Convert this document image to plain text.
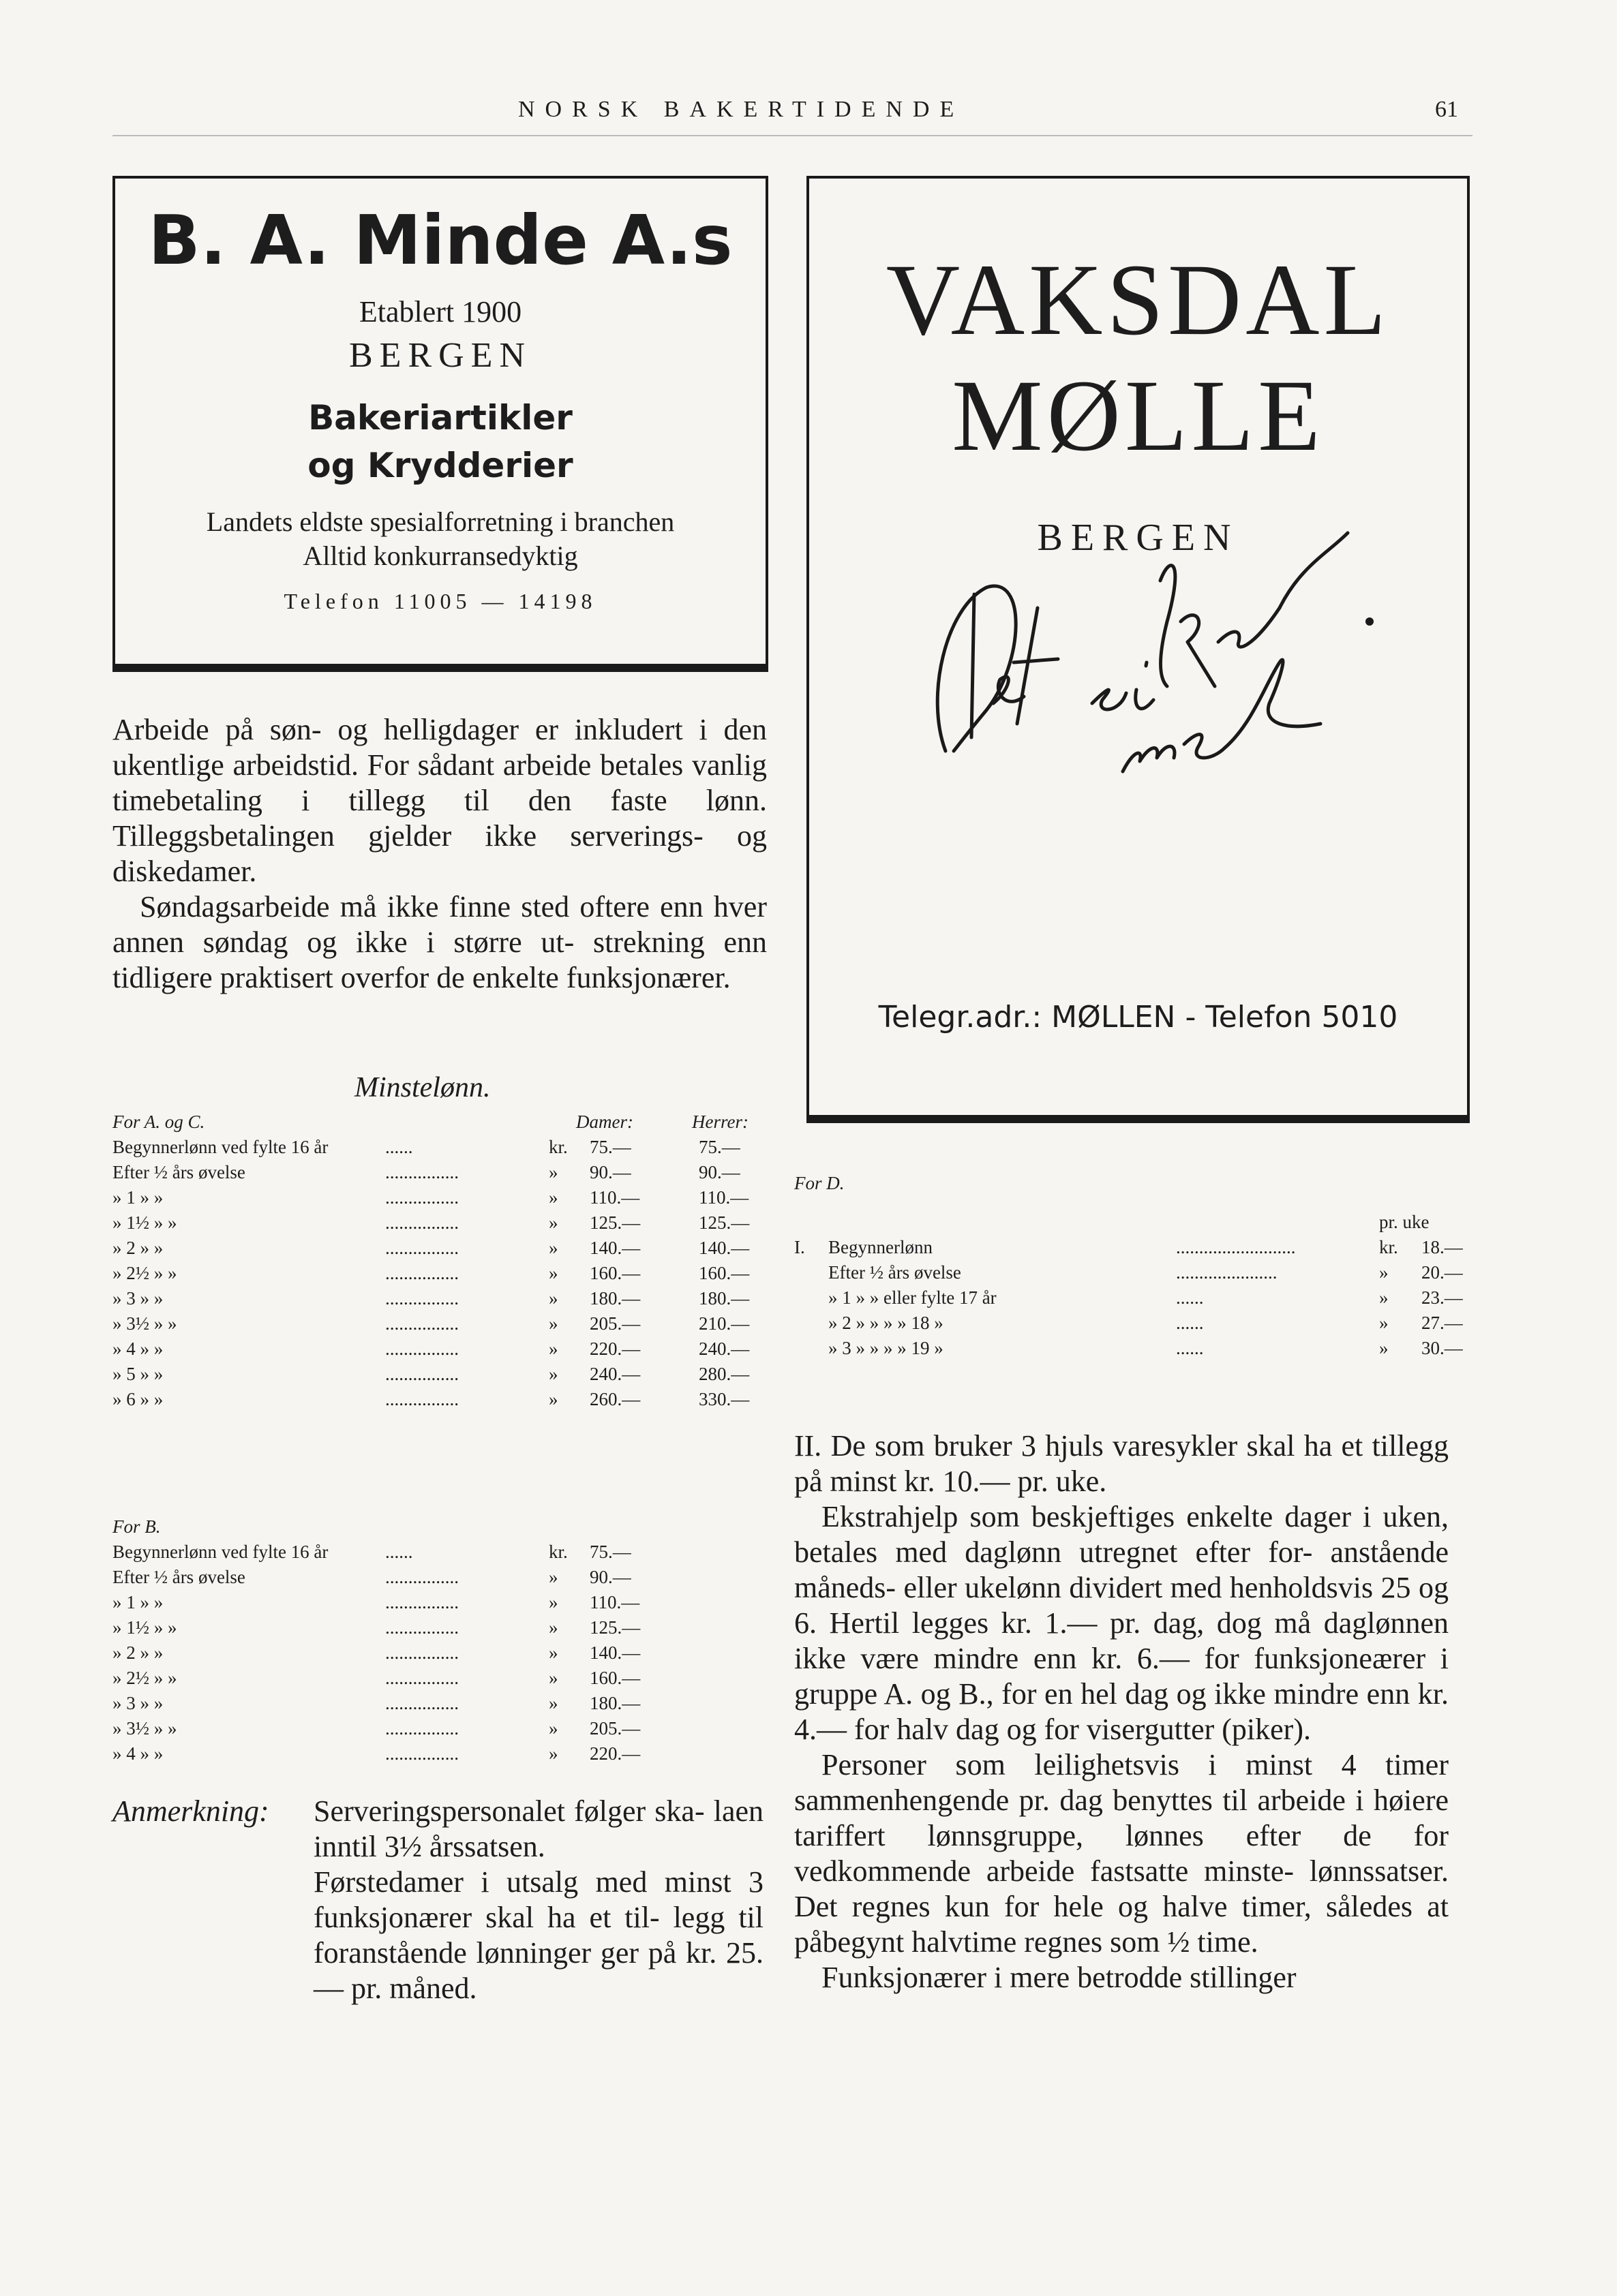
NORSK BAKERTIDENDE	61
B. A. Minde A.s
Etablert 1900
BERGEN
Bakeriartikler
og Krydderier
Landets eldste spesialforretning i branchen
Alltid konkurransedyktig
Telefon 11005 — 14198
VAKSDAL
MØLLE
BERGEN
Telegr.adr.: MØLLEN - Telefon 5010

Arbeide på søn- og helligdager er inkludert i den ukentlige arbeidstid. For sådant arbeide betales vanlig timebetaling i tillegg til den faste lønn. Tilleggsbetalingen gjelder ikke serverings- og diskedamer.

Søndagsarbeide må ikke finne sted oftere enn hver annen søndag og ikke i større ut- strekning enn tidligere praktisert overfor de enkelte funksjonærer.

Minstelønn.
For A. og C.	Damer:	Herrer:
Begynnerlønn ved fylte 16 år	......	kr. 75.—	75.—
Efter ½ års øvelse	................	» 90.—	90.—
» 1 » »	................	» 110.—	110.—
» 1½ » »	................	» 125.—	125.—
» 2 » »	................	» 140.—	140.—
» 2½ » »	................	» 160.—	160.—
» 3 » »	................	» 180.—	180.—
» 3½ » »	................	» 205.—	210.—
» 4 » »	................	» 220.—	240.—
» 5 » »	................	» 240.—	280.—
» 6 » »	................	» 260.—	330.—
For B.
Begynnerlønn ved fylte 16 år	......	kr. 75.—
Efter ½ års øvelse	................	» 90.—
» 1 » »	................	» 110.—
» 1½ » »	................	» 125.—
» 2 » »	................	» 140.—
» 2½ » »	................	» 160.—
» 3 » »	................	» 180.—
» 3½ » »	................	» 205.—
» 4 » »	................	» 220.—
For D.
pr. uke
I. Begynnerlønn	..........................	kr. 18.—
Efter ½ års øvelse	......................	» 20.—
» 1 » » eller fylte 17 år	......	» 23.—
» 2 » » » » 18 »	......	» 27.—
» 3 » » » » 19 »	......	» 30.—
Anmerkning: Serveringspersonalet følger ska- laen inntil 3½ årssatsen.

Førstedamer i utsalg med minst 3 funksjonærer skal ha et til- legg til foranstående lønninger ger på kr. 25.— pr. måned.

II. De som bruker 3 hjuls varesykler skal ha et tillegg på minst kr. 10.— pr. uke.

Ekstrahjelp som beskjeftiges enkelte dager i uken, betales med daglønn utregnet efter for- anstående måneds- eller ukelønn dividert med henholdsvis 25 og 6. Hertil legges kr. 1.— pr. dag, dog må daglønnen ikke være mindre enn kr. 6.— for funksjoneærer i gruppe A. og B., for en hel dag og ikke mindre enn kr. 4.— for halv dag og for visergutter (piker).

Personer som leilighetsvis i minst 4 timer sammenhengende pr. dag benyttes til arbeide i høiere tariffert lønnsgruppe, lønnes efter de for vedkommende arbeide fastsatte minste- lønnssatser. Det regnes kun for hele og halve timer, således at påbegynt halvtime regnes som ½ time.

Funksjonærer i mere betrodde stillinger
